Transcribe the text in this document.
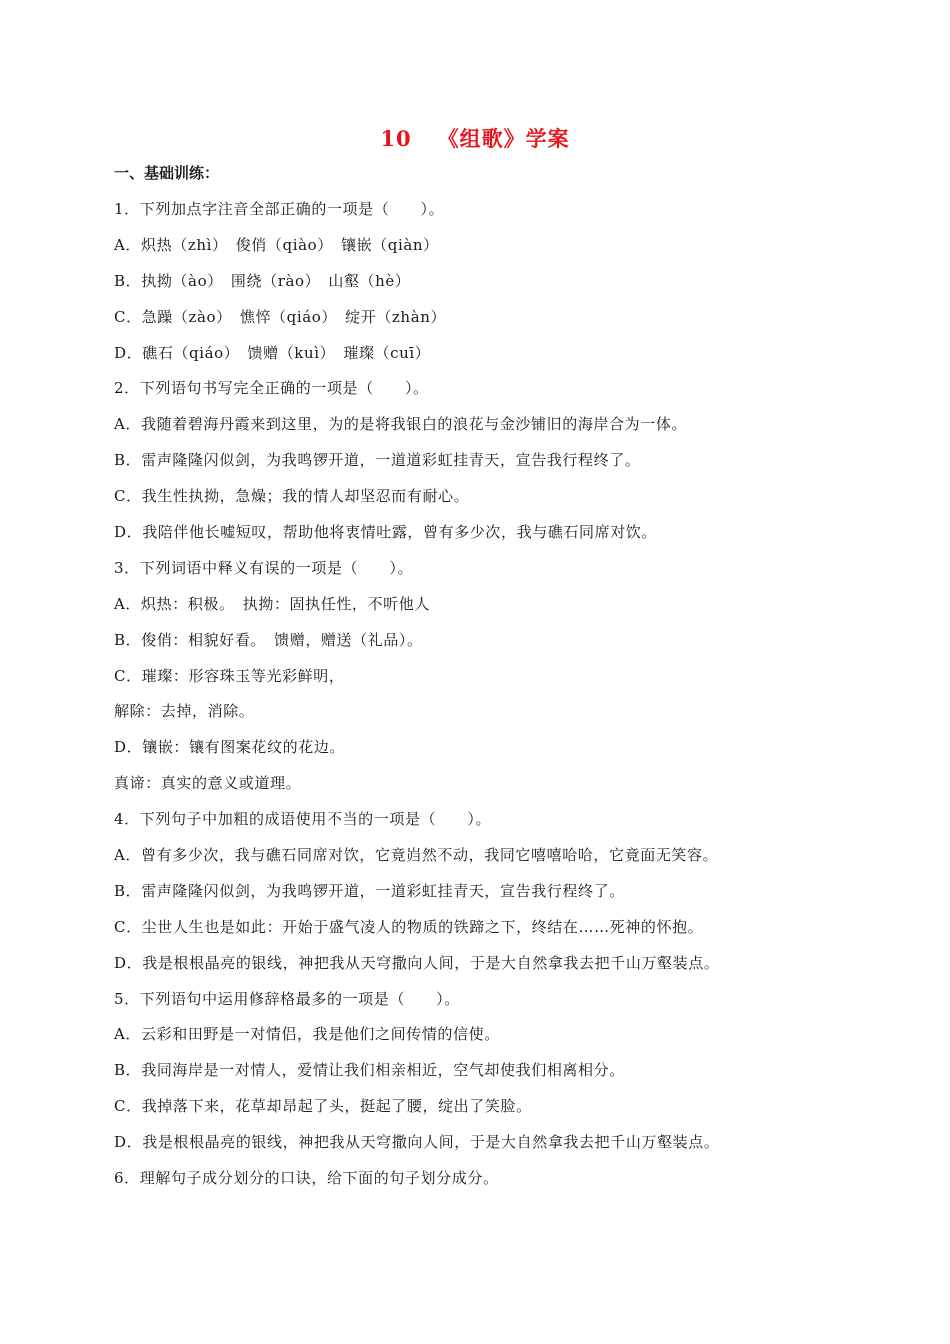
10 《组歌》学案
一、基础训练：
1．下列加点字注音全部正确的一项是（　　）。
A．炽热（zhì）　俊俏（qiào）　镶嵌（qiàn）
B．执拗（ào）　围绕（rào）　山壑（hè）
C．急躁（zào）　憔悴（qiáo）　绽开（zhàn）
D．礁石（qiáo）　馈赠（kuì）　璀璨（cuī）
2．下列语句书写完全正确的一项是（　　）。
A．我随着碧海丹霞来到这里，为的是将我银白的浪花与金沙铺旧的海岸合为一体。
B．雷声隆隆闪似剑，为我鸣锣开道，一道道彩虹挂青天，宣告我行程终了。
C．我生性执拗，急燥；我的情人却坚忍而有耐心。
D．我陪伴他长嘘短叹，帮助他将衷情吐露，曾有多少次，我与礁石同席对饮。
3．下列词语中释义有误的一项是（　　）。
A．炽热：积极。　执拗：固执任性，不听他人
B．俊俏：相貌好看。　馈赠，赠送（礼品）。
C．璀璨：形容珠玉等光彩鲜明，
解除：去掉，消除。
D．镶嵌：镶有图案花纹的花边。
真谛：真实的意义或道理。
4．下列句子中加粗的成语使用不当的一项是（　　）。
A．曾有多少次，我与礁石同席对饮，它竟岿然不动，我同它嘻嘻哈哈，它竟面无笑容。
B．雷声隆隆闪似剑，为我鸣锣开道，一道彩虹挂青天，宣告我行程终了。
C．尘世人生也是如此：开始于盛气凌人的物质的铁蹄之下，终结在……死神的怀抱。
D．我是根根晶亮的银线，神把我从天穹撒向人间，于是大自然拿我去把千山万壑装点。
5．下列语句中运用修辞格最多的一项是（　　）。
A．云彩和田野是一对情侣，我是他们之间传情的信使。
B．我同海岸是一对情人，爱情让我们相亲相近，空气却使我们相离相分。
C．我掉落下来，花草却昂起了头，挺起了腰，绽出了笑脸。
D．我是根根晶亮的银线，神把我从天穹撒向人间，于是大自然拿我去把千山万壑装点。
6．理解句子成分划分的口诀，给下面的句子划分成分。
